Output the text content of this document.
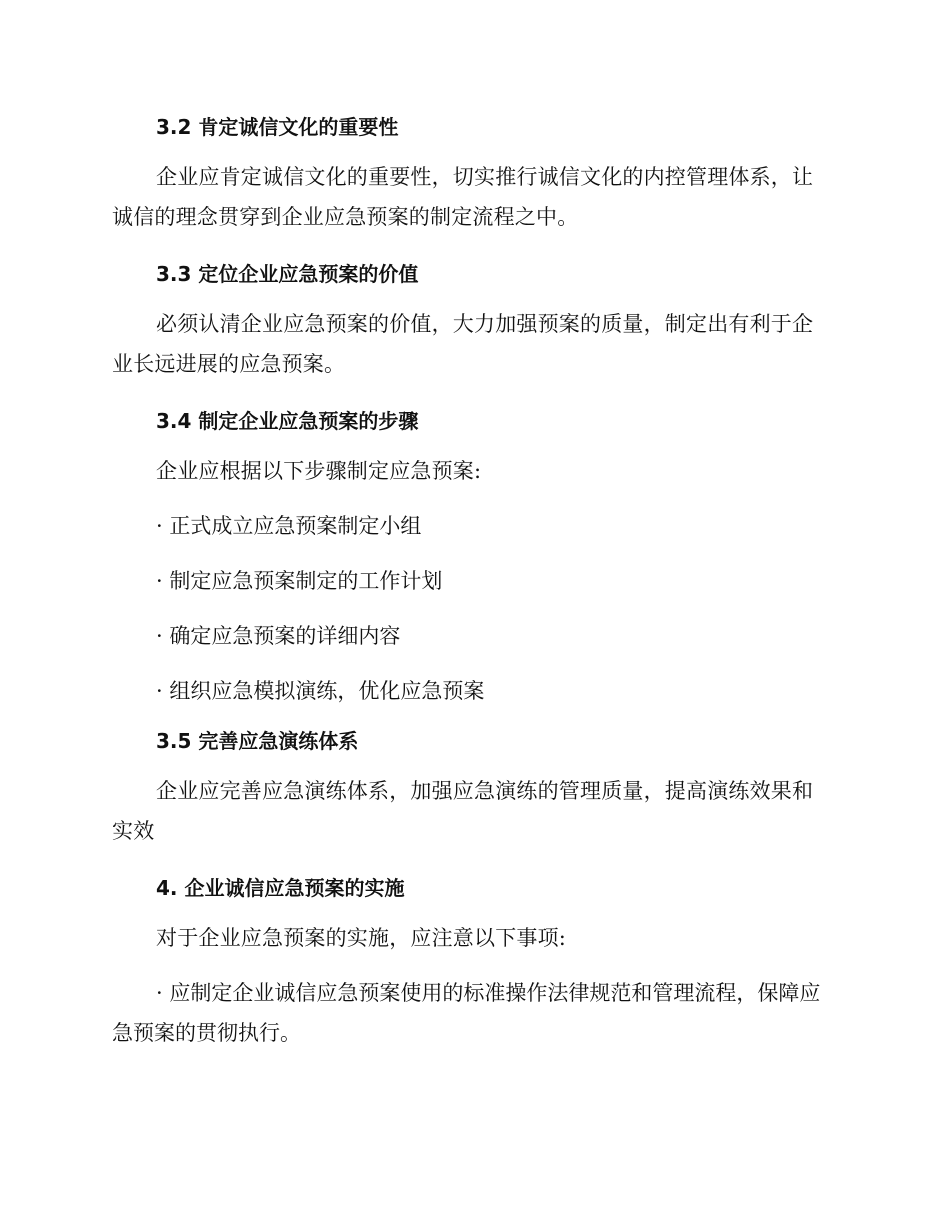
3.2 肯定诚信文化的重要性

企业应肯定诚信文化的重要性，切实推行诚信文化的内控管理体系，让诚信的理念贯穿到企业应急预案的制定流程之中。

3.3 定位企业应急预案的价值

必须认清企业应急预案的价值，大力加强预案的质量，制定出有利于企业长远进展的应急预案。

3.4 制定企业应急预案的步骤

企业应根据以下步骤制定应急预案:

· 正式成立应急预案制定小组

· 制定应急预案制定的工作计划

· 确定应急预案的详细内容

· 组织应急模拟演练，优化应急预案

3.5 完善应急演练体系

企业应完善应急演练体系，加强应急演练的管理质量，提高演练效果和实效

4. 企业诚信应急预案的实施

对于企业应急预案的实施，应注意以下事项:

· 应制定企业诚信应急预案使用的标准操作法律规范和管理流程，保障应急预案的贯彻执行。
